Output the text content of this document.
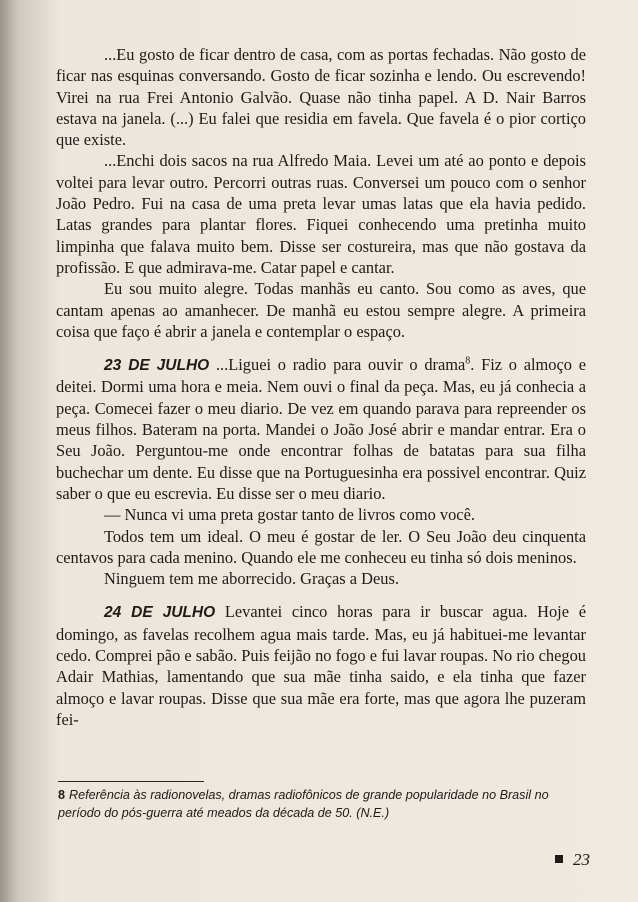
...Eu gosto de ficar dentro de casa, com as portas fechadas. Não gosto de ficar nas esquinas conversando. Gosto de ficar sozinha e lendo. Ou escrevendo! Virei na rua Frei Antonio Galvão. Quase não tinha papel. A D. Nair Barros estava na janela. (...) Eu falei que residia em favela. Que favela é o pior cortiço que existe.

...Enchi dois sacos na rua Alfredo Maia. Levei um até ao ponto e depois voltei para levar outro. Percorri outras ruas. Conversei um pouco com o senhor João Pedro. Fui na casa de uma preta levar umas latas que ela havia pedido. Latas grandes para plantar flores. Fiquei conhecendo uma pretinha muito limpinha que falava muito bem. Disse ser costureira, mas que não gostava da profissão. E que admirava-me. Catar papel e cantar.

Eu sou muito alegre. Todas manhãs eu canto. Sou como as aves, que cantam apenas ao amanhecer. De manhã eu estou sempre alegre. A primeira coisa que faço é abrir a janela e contemplar o espaço.

23 DE JULHO ...Liguei o radio para ouvir o drama$^8$. Fiz o almoço e deitei. Dormi uma hora e meia. Nem ouvi o final da peça. Mas, eu já conhecia a peça. Comecei fazer o meu diario. De vez em quando parava para repreender os meus filhos. Bateram na porta. Mandei o João José abrir e mandar entrar. Era o Seu João. Perguntou-me onde encontrar folhas de batatas para sua filha buchechar um dente. Eu disse que na Portuguesinha era possivel encontrar. Quiz saber o que eu escrevia. Eu disse ser o meu diario.

— Nunca vi uma preta gostar tanto de livros como você.

Todos tem um ideal. O meu é gostar de ler. O Seu João deu cinquenta centavos para cada menino. Quando ele me conheceu eu tinha só dois meninos.

Ninguem tem me aborrecido. Graças a Deus.

24 DE JULHO Levantei cinco horas para ir buscar agua. Hoje é domingo, as favelas recolhem agua mais tarde. Mas, eu já habituei-me levantar cedo. Comprei pão e sabão. Puis feijão no fogo e fui lavar roupas. No rio chegou Adair Mathias, lamentando que sua mãe tinha saido, e ela tinha que fazer almoço e lavar roupas. Disse que sua mãe era forte, mas que agora lhe puzeram fei-

8 Referência às radionovelas, dramas radiofônicos de grande popularidade no Brasil no período do pós-guerra até meados da década de 50. (N.E.)
23
